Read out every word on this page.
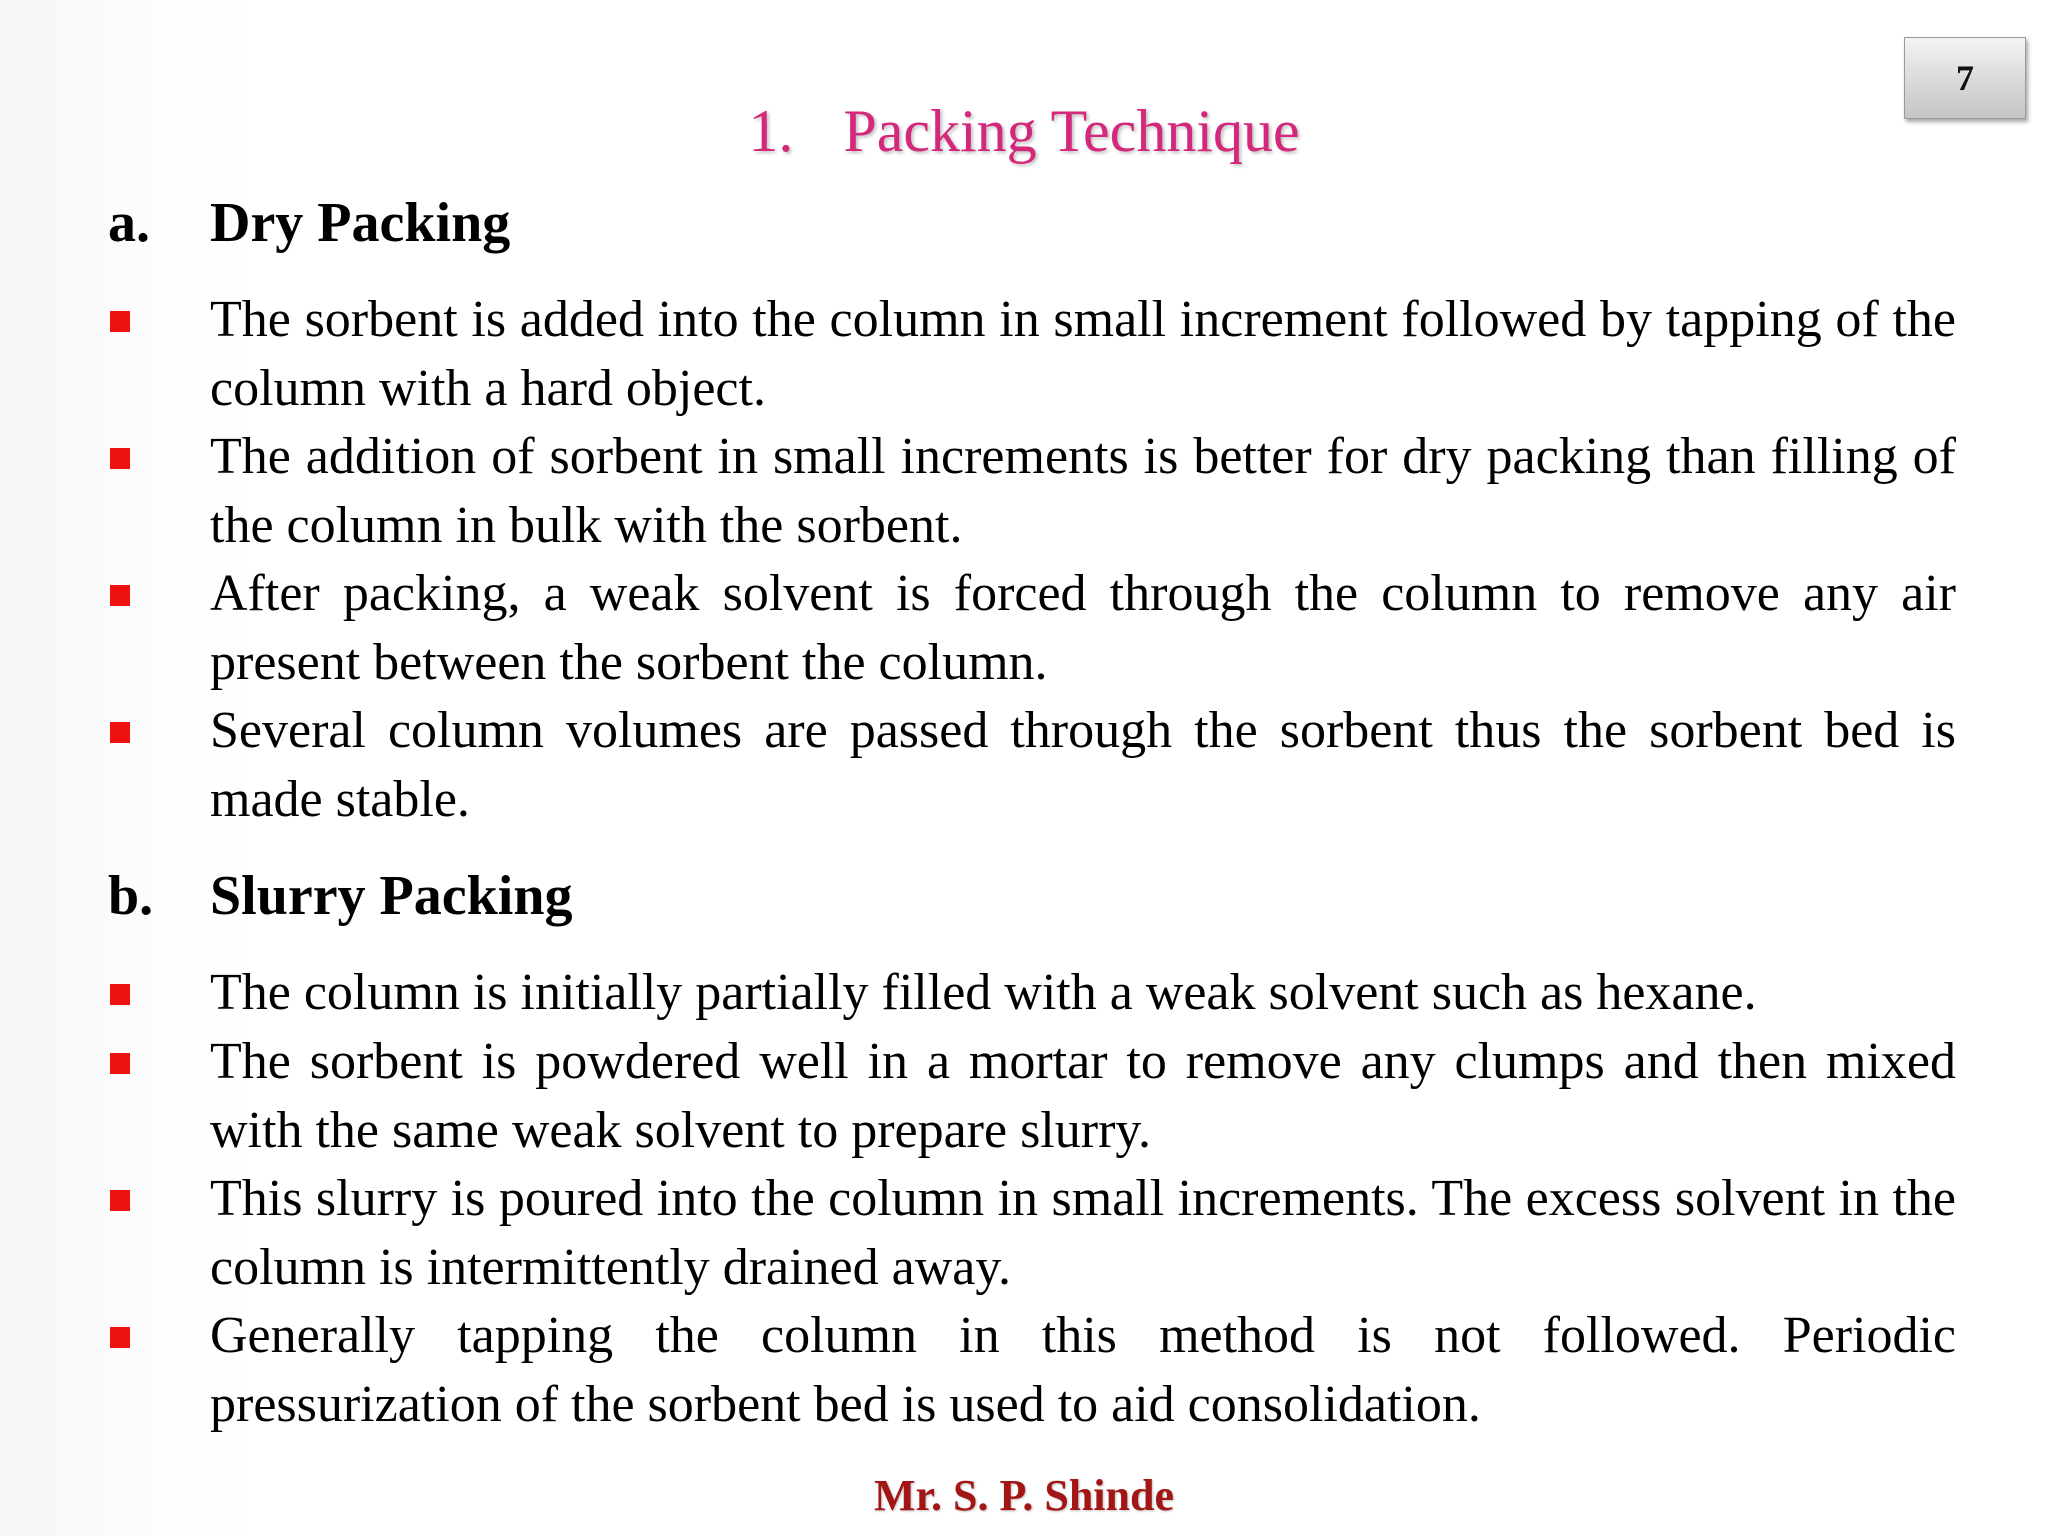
7
1. Packing Technique
a. Dry Packing
The sorbent is added into the column in small increment followed by tapping of the column with a hard object.
The addition of sorbent in small increments is better for dry packing than filling of the column in bulk with the sorbent.
After packing, a weak solvent is forced through the column to remove any air present between the sorbent the column.
Several column volumes are passed through the sorbent thus the sorbent bed is made stable.
b. Slurry Packing
The column is initially partially filled with a weak solvent such as hexane.
The sorbent is powdered well in a mortar to remove any clumps and then mixed with the same weak solvent to prepare slurry.
This slurry is poured into the column in small increments. The excess solvent in the column is intermittently drained away.
Generally tapping the column in this method is not followed. Periodic pressurization of the sorbent bed is used to aid consolidation.
Mr. S. P. Shinde
